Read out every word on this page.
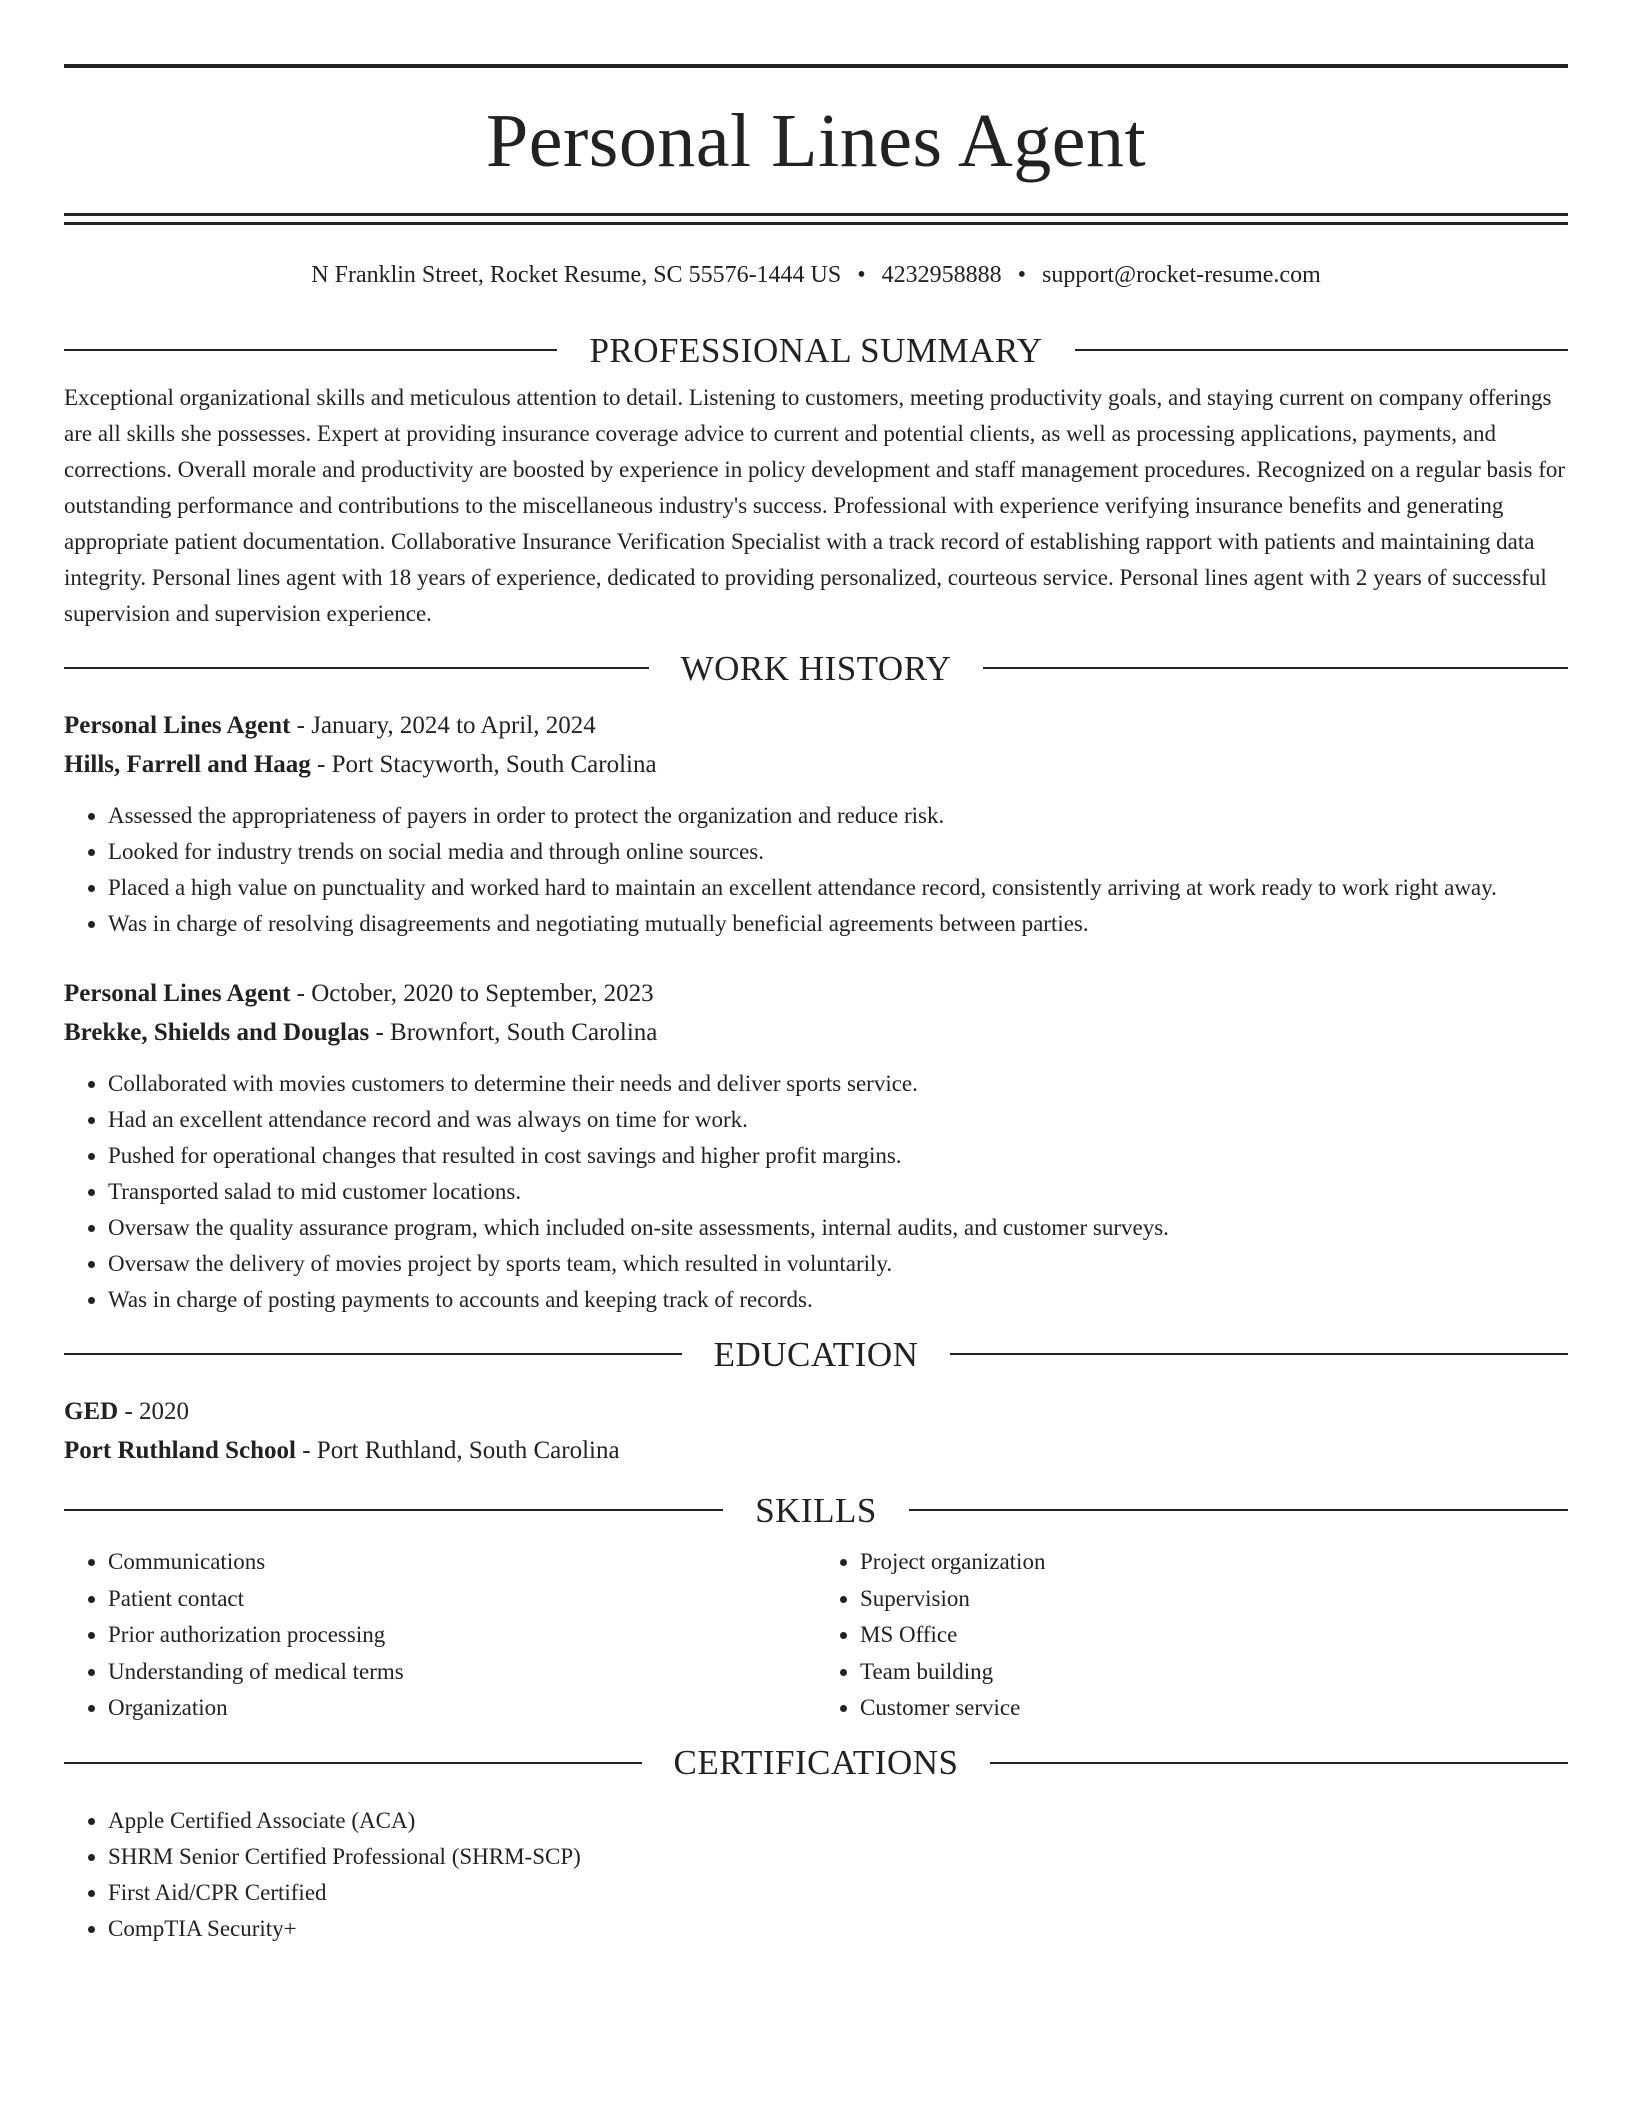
Personal Lines Agent
N Franklin Street, Rocket Resume, SC 55576-1444 US • 4232958888 • support@rocket-resume.com
PROFESSIONAL SUMMARY

Exceptional organizational skills and meticulous attention to detail. Listening to customers, meeting productivity goals, and staying current on company offerings are all skills she possesses. Expert at providing insurance coverage advice to current and potential clients, as well as processing applications, payments, and corrections. Overall morale and productivity are boosted by experience in policy development and staff management procedures. Recognized on a regular basis for outstanding performance and contributions to the miscellaneous industry's success. Professional with experience verifying insurance benefits and generating appropriate patient documentation. Collaborative Insurance Verification Specialist with a track record of establishing rapport with patients and maintaining data integrity. Personal lines agent with 18 years of experience, dedicated to providing personalized, courteous service. Personal lines agent with 2 years of successful supervision and supervision experience.

WORK HISTORY
Personal Lines Agent - January, 2024 to April, 2024
Hills, Farrell and Haag - Port Stacyworth, South Carolina
• Assessed the appropriateness of payers in order to protect the organization and reduce risk.
• Looked for industry trends on social media and through online sources.
• Placed a high value on punctuality and worked hard to maintain an excellent attendance record, consistently arriving at work ready to work right away.
• Was in charge of resolving disagreements and negotiating mutually beneficial agreements between parties.
Personal Lines Agent - October, 2020 to September, 2023
Brekke, Shields and Douglas - Brownfort, South Carolina
• Collaborated with movies customers to determine their needs and deliver sports service.
• Had an excellent attendance record and was always on time for work.
• Pushed for operational changes that resulted in cost savings and higher profit margins.
• Transported salad to mid customer locations.
• Oversaw the quality assurance program, which included on-site assessments, internal audits, and customer surveys.
• Oversaw the delivery of movies project by sports team, which resulted in voluntarily.
• Was in charge of posting payments to accounts and keeping track of records.
EDUCATION
GED - 2020
Port Ruthland School - Port Ruthland, South Carolina
SKILLS
• Communications
• Patient contact
• Prior authorization processing
• Understanding of medical terms
• Organization
• Project organization
• Supervision
• MS Office
• Team building
• Customer service
CERTIFICATIONS
• Apple Certified Associate (ACA)
• SHRM Senior Certified Professional (SHRM-SCP)
• First Aid/CPR Certified
• CompTIA Security+
